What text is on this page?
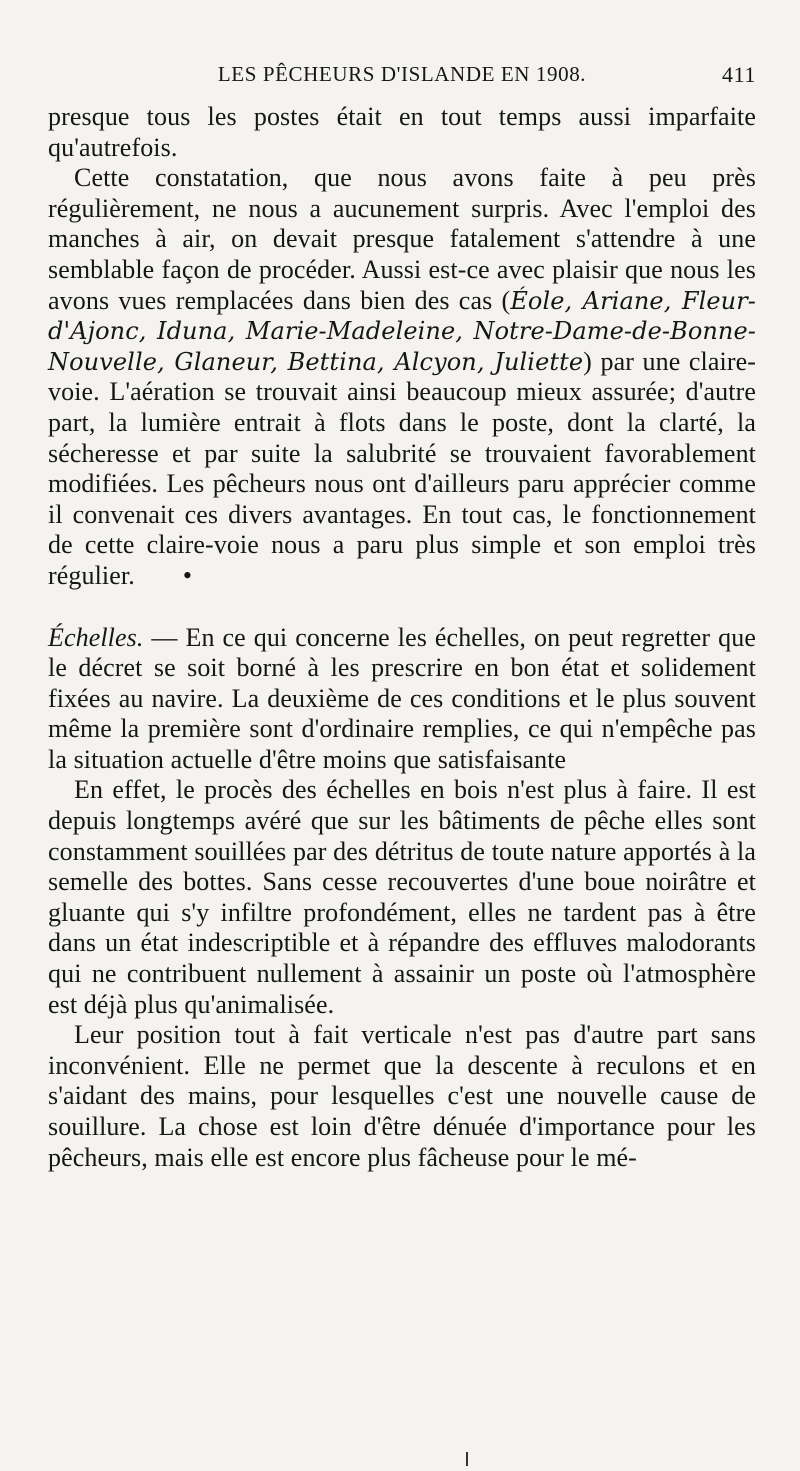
LES PÊCHEURS D'ISLANDE EN 1908.	411

presque tous les postes était en tout temps aussi imparfaite qu'autrefois.

Cette constatation, que nous avons faite à peu près régulièrement, ne nous a aucunement surpris. Avec l'emploi des manches à air, on devait presque fatalement s'attendre à une semblable façon de procéder. Aussi est-ce avec plaisir que nous les avons vues remplacées dans bien des cas (Éole, Ariane, Fleur-d'Ajonc, Iduna, Marie-Madeleine, Notre-Dame-de-Bonne-Nouvelle, Glaneur, Bettina, Alcyon, Juliette) par une claire-voie. L'aération se trouvait ainsi beaucoup mieux assurée; d'autre part, la lumière entrait à flots dans le poste, dont la clarté, la sécheresse et par suite la salubrité se trouvaient favorablement modifiées. Les pêcheurs nous ont d'ailleurs paru apprécier comme il convenait ces divers avantages. En tout cas, le fonctionnement de cette claire-voie nous a paru plus simple et son emploi très régulier. •

Échelles. — En ce qui concerne les échelles, on peut regretter que le décret se soit borné à les prescrire en bon état et solidement fixées au navire. La deuxième de ces conditions et le plus souvent même la première sont d'ordinaire remplies, ce qui n'empêche pas la situation actuelle d'être moins que satisfaisante

En effet, le procès des échelles en bois n'est plus à faire. Il est depuis longtemps avéré que sur les bâtiments de pêche elles sont constamment souillées par des détritus de toute nature apportés à la semelle des bottes. Sans cesse recouvertes d'une boue noirâtre et gluante qui s'y infiltre profondément, elles ne tardent pas à être dans un état indescriptible et à répandre des effluves malodorants qui ne contribuent nullement à assainir un poste où l'atmosphère est déjà plus qu'animalisée.

Leur position tout à fait verticale n'est pas d'autre part sans inconvénient. Elle ne permet que la descente à reculons et en s'aidant des mains, pour lesquelles c'est une nouvelle cause de souillure. La chose est loin d'être dénuée d'importance pour les pêcheurs, mais elle est encore plus fâcheuse pour le mé-
